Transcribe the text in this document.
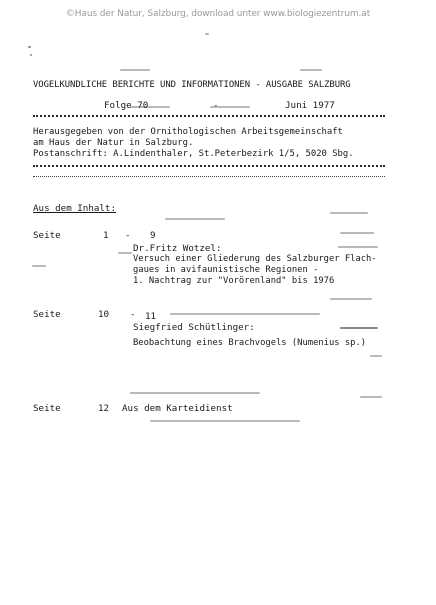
©Haus der Natur, Salzburg, download unter www.biologiezentrum.at
VOGELKUNDLICHE BERICHTE UND INFORMATIONEN - AUSGABE SALZBURG
Folge 70	-	Juni 1977
Herausgegeben von der Ornithologischen Arbeitsgemeinschaft
am Haus der Natur in Salzburg.
Postanschrift: A.Lindenthaler, St.Peterbezirk 1/5, 5020 Sbg.
Aus dem Inhalt:
Seite	1 - 9
Dr.Fritz Wotzel:
Versuch einer Gliederung des Salzburger Flach-
gaues in avifaunistische Regionen -
1. Nachtrag zur "Vorörenland" bis 1976
Seite	10 - 11
Siegfried Schütlinger:
Beobachtung eines Brachvogels (Numenius sp.)
Seite	12 Aus dem Karteidienst
